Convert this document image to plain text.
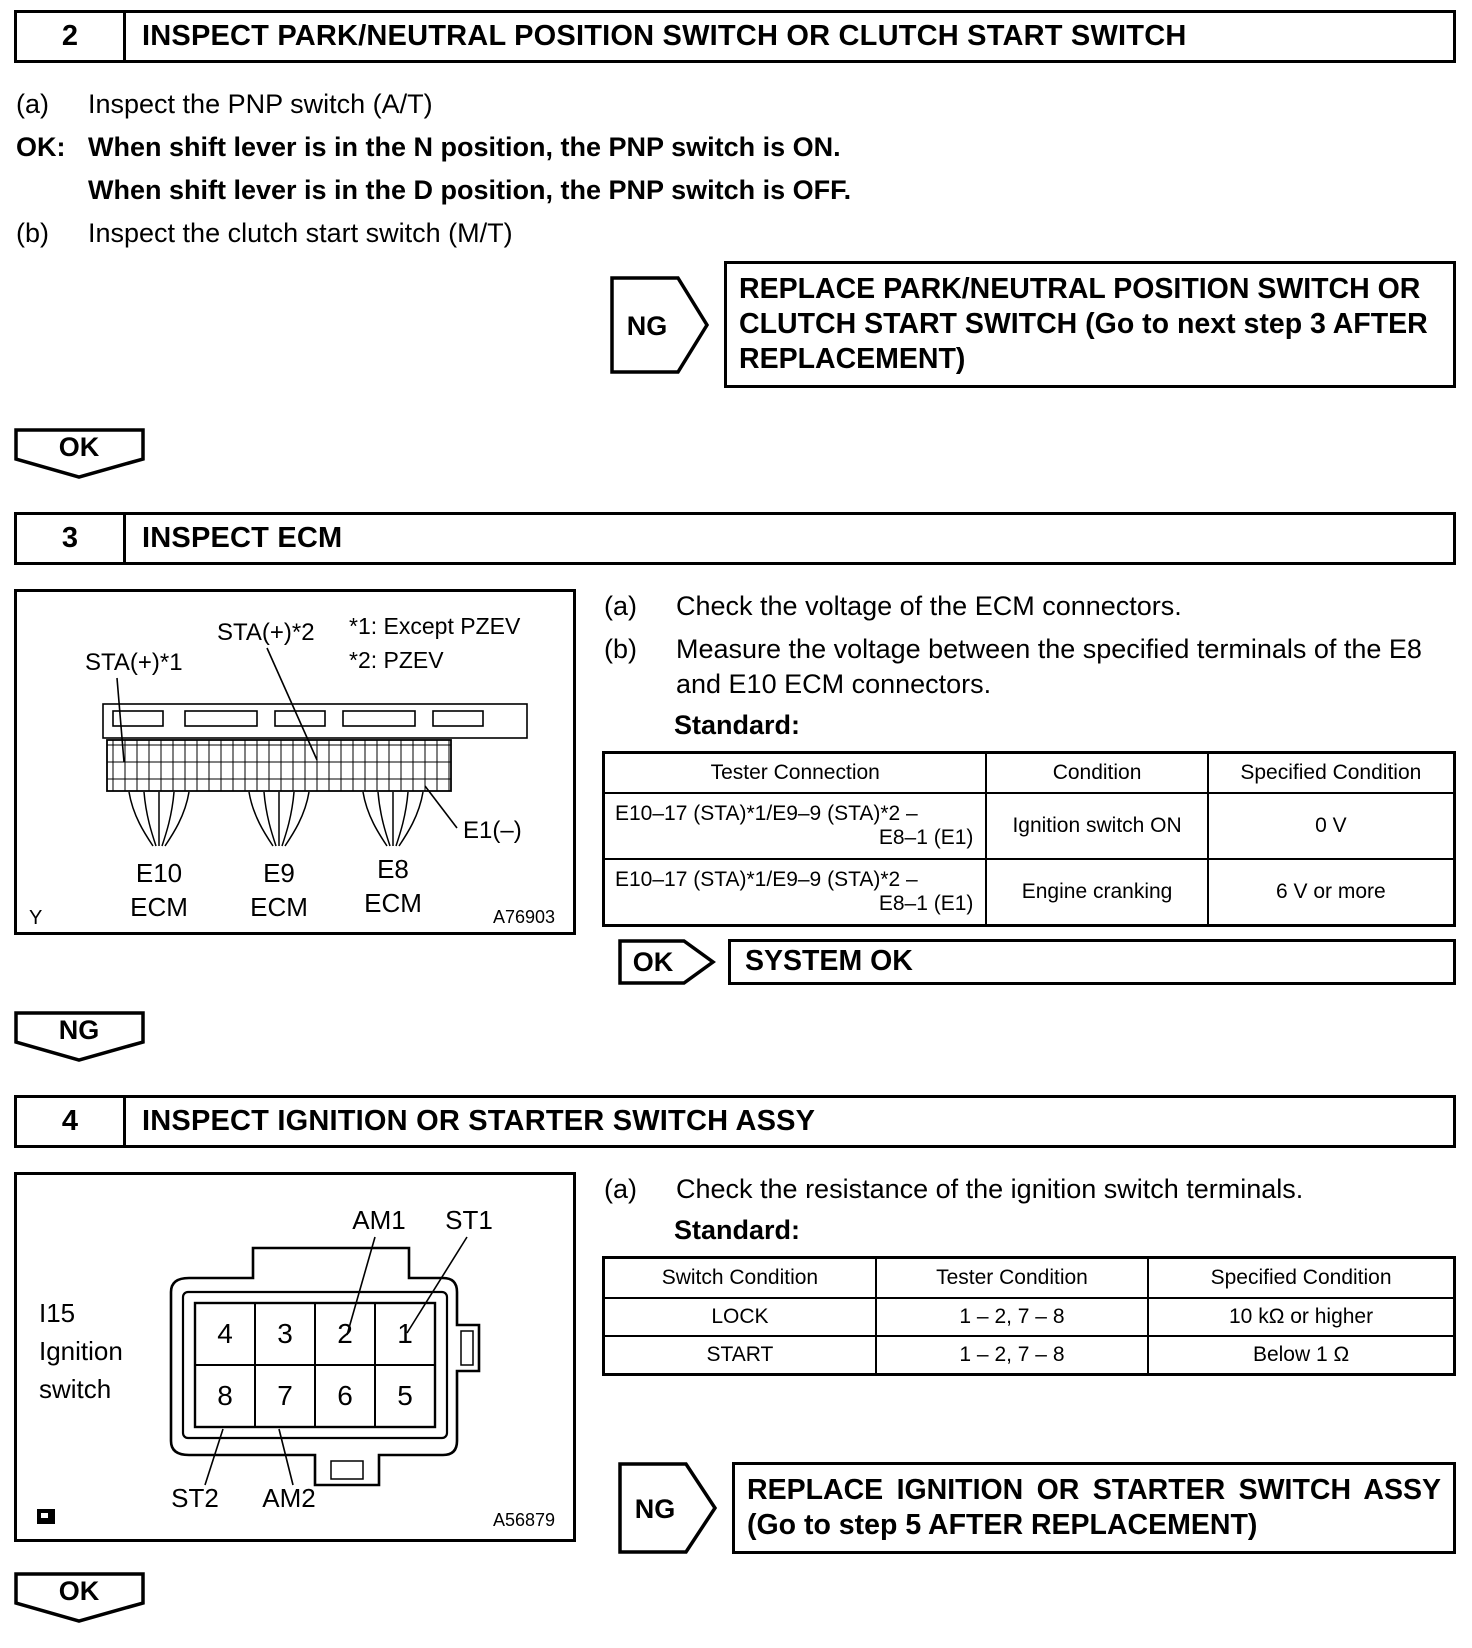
2	INSPECT PARK/NEUTRAL POSITION SWITCH OR CLUTCH START SWITCH
(a)	Inspect the PNP switch (A/T)
OK: When shift lever is in the N position, the PNP switch is ON.
When shift lever is in the D position, the PNP switch is OFF.
(b)	Inspect the clutch start switch (M/T)
NG
REPLACE PARK/NEUTRAL POSITION SWITCH OR CLUTCH START SWITCH (Go to next step 3 AFTER REPLACEMENT)
OK
3	INSPECT ECM
*1: Except PZEV
STA(+)*2
*2: PZEV
STA(+)*1
E10	E9	E8
ECM ECM ECM
E1(–)
Y	A76903
(a)	Check the voltage of the ECM connectors.
(b)	Measure the voltage between the specified terminals of the E8 and E10 ECM connectors.
Standard:
Tester Connection	Condition	Specified Condition

E10–17 (STA)*1/E9–9 (STA)*2 –
E8–1 (E1)	Ignition switch ON	0 V

E10–17 (STA)*1/E9–9 (STA)*2 –
E8–1 (E1)	Engine cranking	6 V or more
OK	SYSTEM OK
NG
4	INSPECT IGNITION OR STARTER SWITCH ASSY
AM1 ST1
4 3 2 1
8 7 6 5
I15
Ignition
switch
ST2 AM2
A56879
(a)	Check the resistance of the ignition switch terminals.
Standard:
Switch Condition	Tester Condition	Specified Condition
LOCK	1 – 2, 7 – 8	10 kΩ or higher
START	1 – 2, 7 – 8	Below 1 Ω
NG
REPLACE IGNITION OR STARTER SWITCH ASSY (Go to step 5 AFTER REPLACEMENT)
OK
